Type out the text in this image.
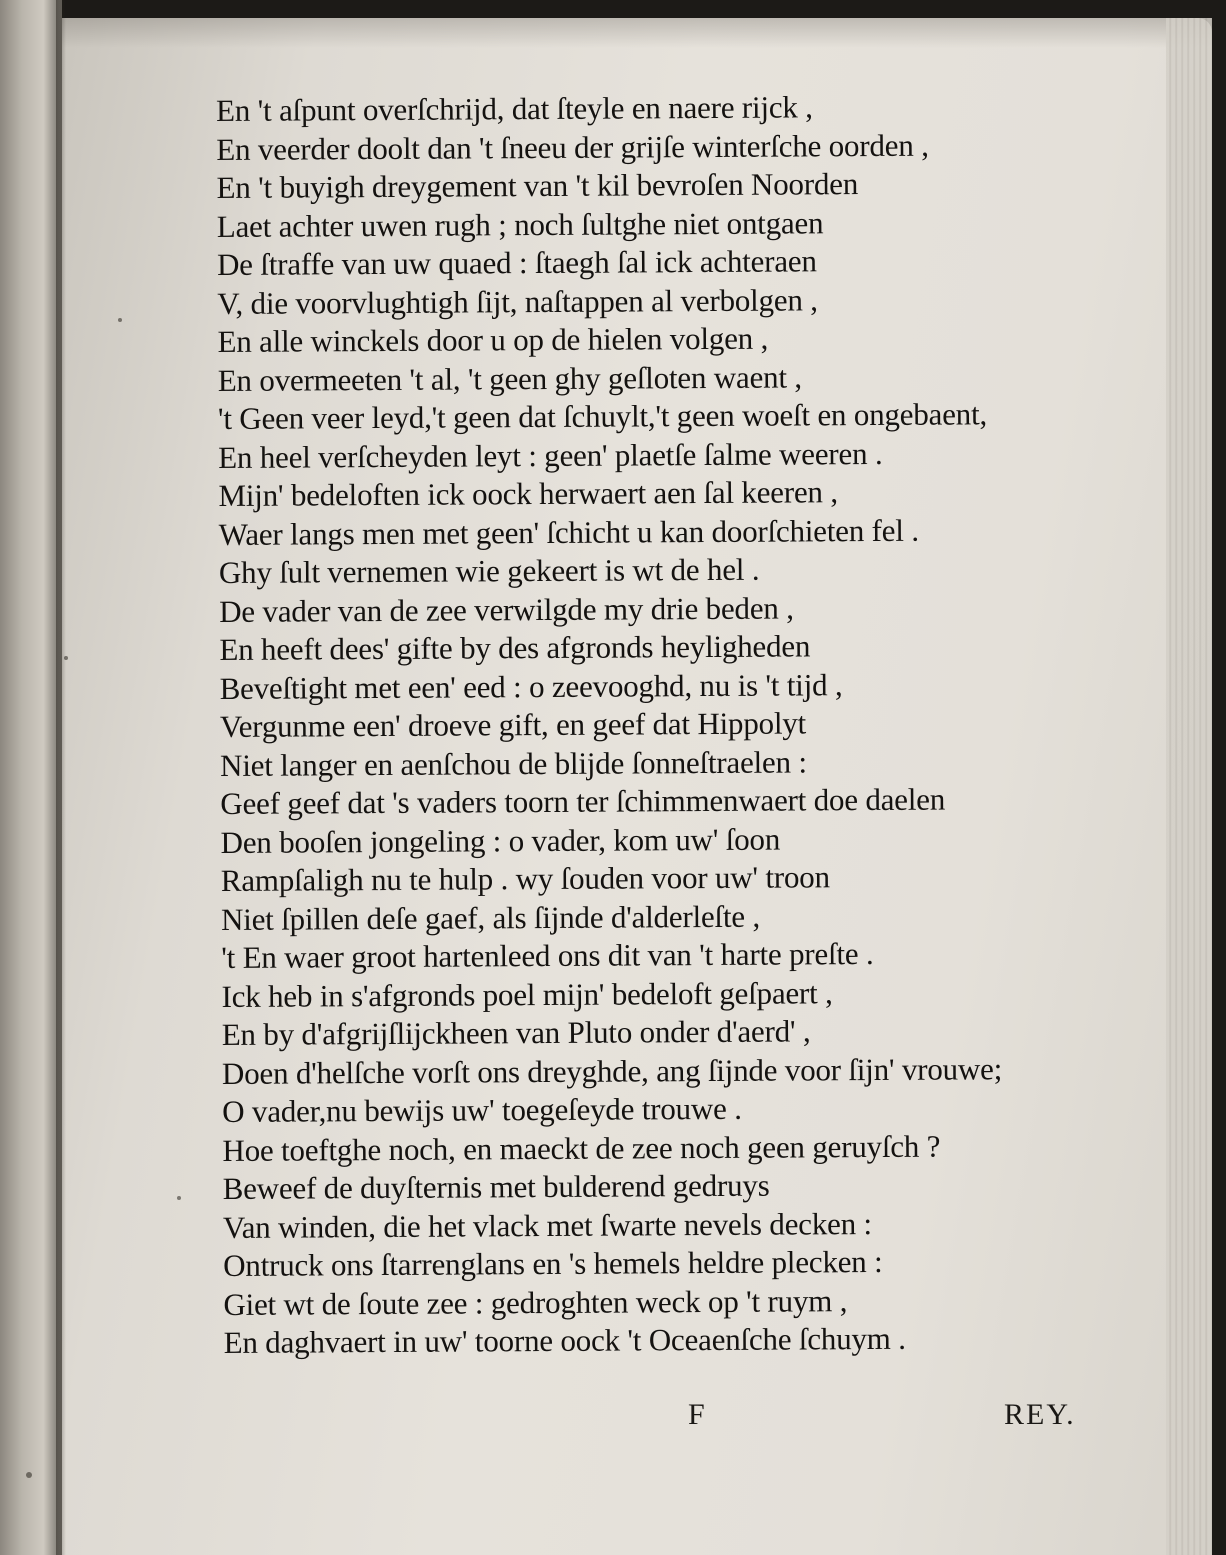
En 't aſpunt overſchrijd, dat ſteyle en naere rijck ,
En veerder doolt dan 't ſneeu der grijſe winterſche oorden ,
En 't buyigh dreygement van 't kil bevroſen Noorden
Laet achter uwen rugh ; noch ſultghe niet ontgaen
De ſtraffe van uw quaed : ſtaegh ſal ick achteraen
V, die voorvlughtigh ſijt, naſtappen al verbolgen ,
En alle winckels door u op de hielen volgen ,
En overmeeten 't al, 't geen ghy geſloten waent ,
't Geen veer leyd,'t geen dat ſchuylt,'t geen woeſt en ongebaent,
En heel verſcheyden leyt : geen' plaetſe ſalme weeren .
Mijn' bedeloften ick oock herwaert aen ſal keeren ,
Waer langs men met geen' ſchicht u kan doorſchieten fel .
Ghy ſult vernemen wie gekeert is wt de hel .
De vader van de zee verwilgde my drie beden ,
En heeft dees' gifte by des afgronds heyligheden
Beveſtight met een' eed : o zeevooghd, nu is 't tijd ,
Vergunme een' droeve gift, en geef dat Hippolyt
Niet langer en aenſchou de blijde ſonneſtraelen :
Geef geef dat 's vaders toorn ter ſchimmenwaert doe daelen
Den booſen jongeling : o vader, kom uw' ſoon
Rampſaligh nu te hulp . wy ſouden voor uw' troon
Niet ſpillen deſe gaef, als ſijnde d'alderleſte ,
't En waer groot hartenleed ons dit van 't harte preſte .
Ick heb in s'afgronds poel mijn' bedeloft geſpaert ,
En by d'afgrijſlijckheen van Pluto onder d'aerd' ,
Doen d'helſche vorſt ons dreyghde, ang ſijnde voor ſijn' vrouwe;
O vader,nu bewijs uw' toegeſeyde trouwe .
Hoe toeftghe noch, en maeckt de zee noch geen geruyſch ?
Beweef de duyſternis met bulderend gedruys
Van winden, die het vlack met ſwarte nevels decken :
Ontruck ons ſtarrenglans en 's hemels heldre plecken :
Giet wt de ſoute zee : gedroghten weck op 't ruym ,
En daghvaert in uw' toorne oock 't Oceaenſche ſchuym .
F	REY.
